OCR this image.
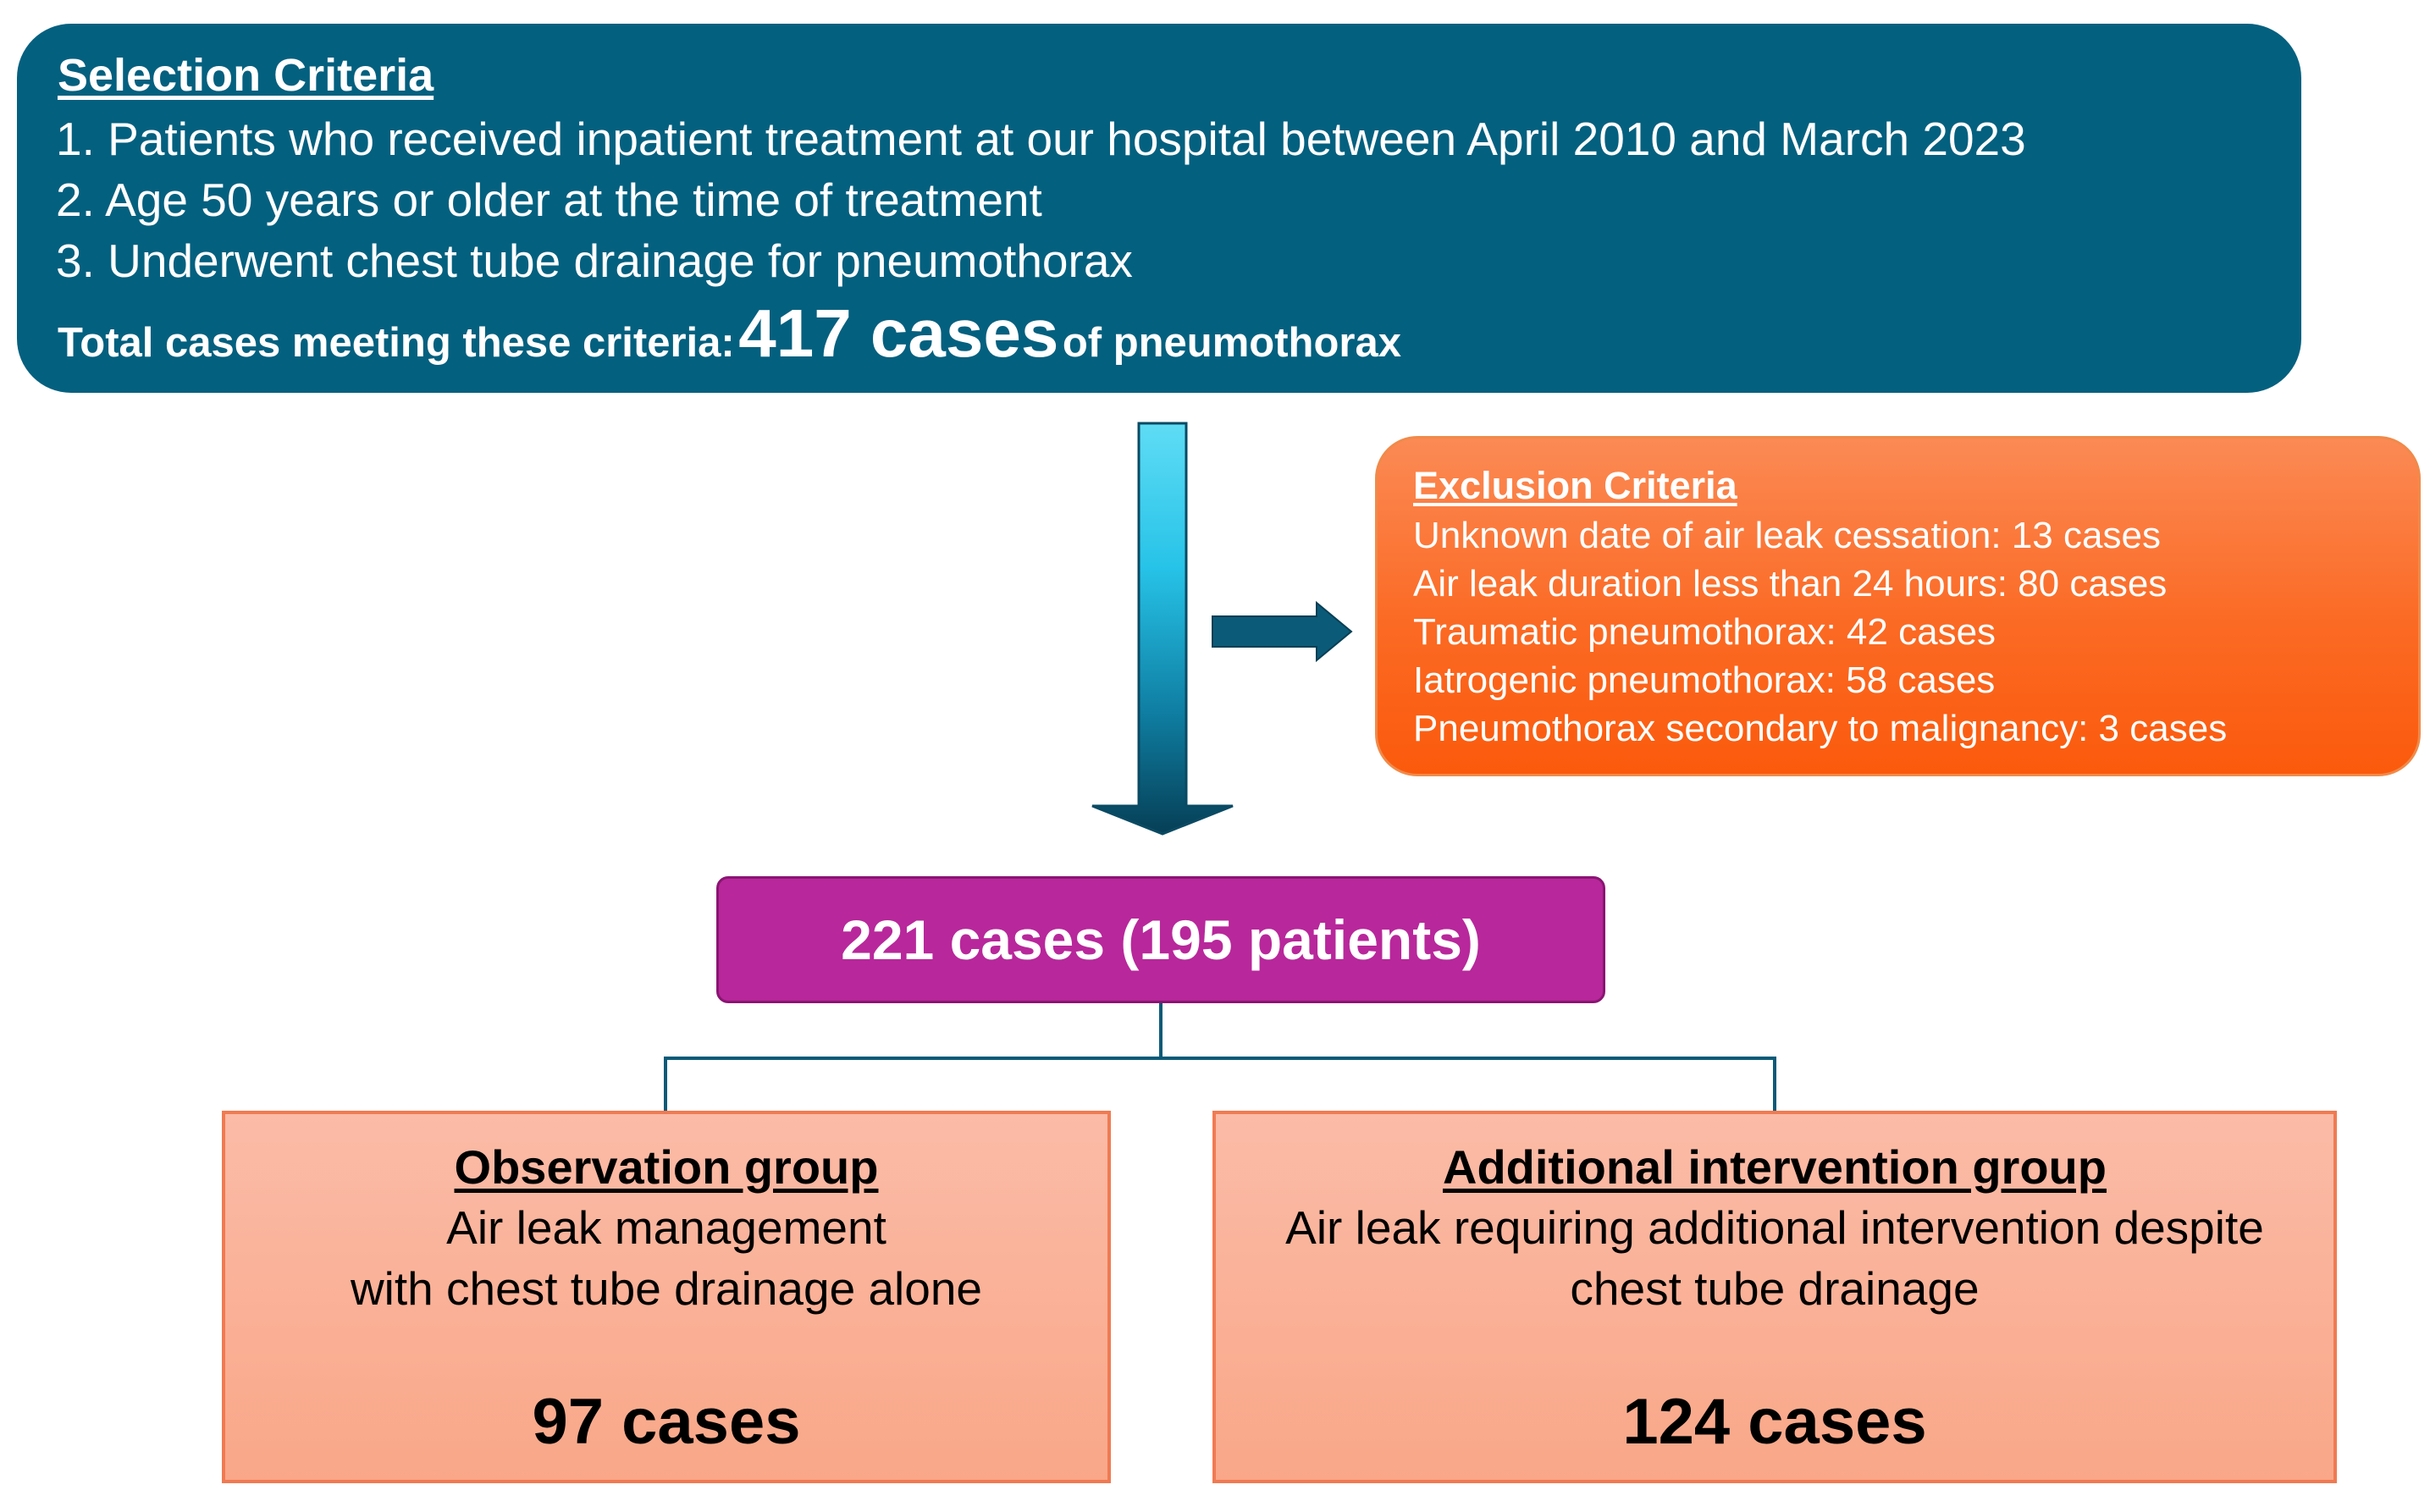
Selection Criteria
1. Patients who received inpatient treatment at our hospital between April 2010 and March 2023
2. Age 50 years or older at the time of treatment
3. Underwent chest tube drainage for pneumothorax
Total cases meeting these criteria: 417 cases of pneumothorax
Exclusion Criteria
Unknown date of air leak cessation: 13 cases
Air leak duration less than 24 hours: 80 cases
Traumatic pneumothorax: 42 cases
Iatrogenic pneumothorax: 58 cases
Pneumothorax secondary to malignancy: 3 cases
221 cases (195 patients)
Observation group
Air leak management
with chest tube drainage alone
97 cases
Additional intervention group
Air leak requiring additional intervention despite
chest tube drainage
124 cases
